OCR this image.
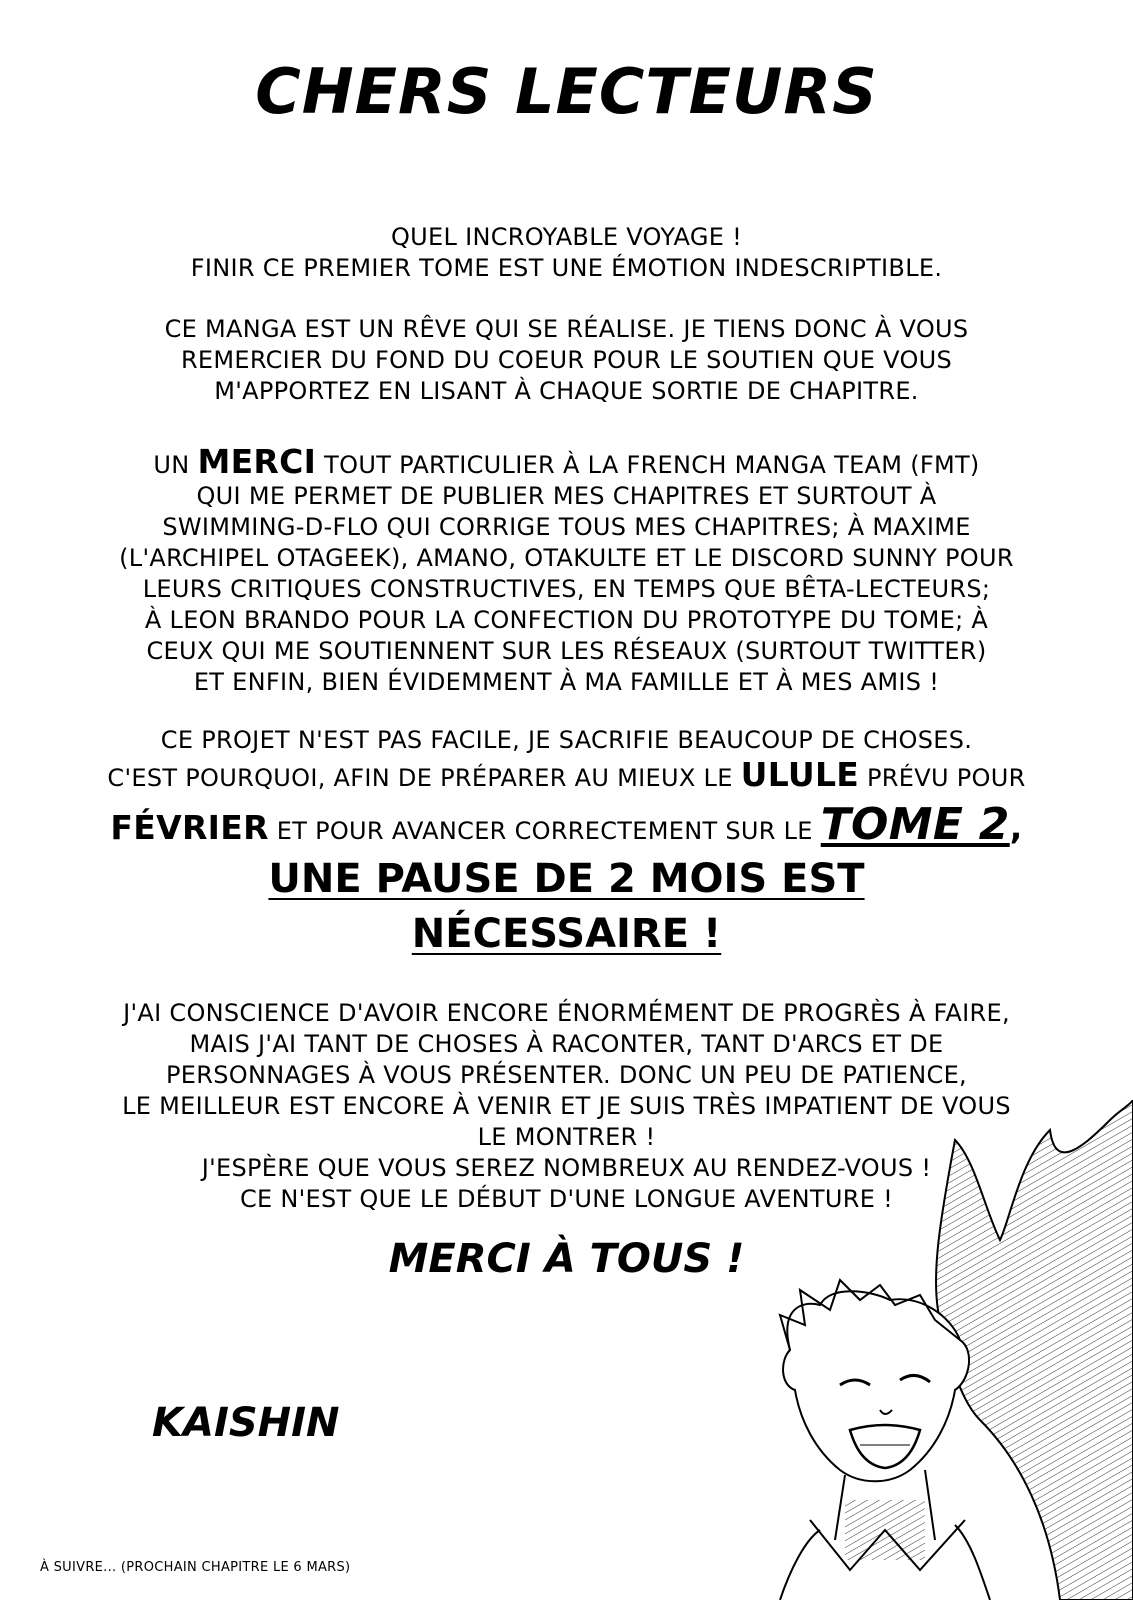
CHERS LECTEURS
QUEL INCROYABLE VOYAGE !
FINIR CE PREMIER TOME EST UNE ÉMOTION INDESCRIPTIBLE.
CE MANGA EST UN RÊVE QUI SE RÉALISE. JE TIENS DONC À VOUS
REMERCIER DU FOND DU COEUR POUR LE SOUTIEN QUE VOUS
M'APPORTEZ EN LISANT À CHAQUE SORTIE DE CHAPITRE.
UN MERCI TOUT PARTICULIER À LA FRENCH MANGA TEAM (FMT)
QUI ME PERMET DE PUBLIER MES CHAPITRES ET SURTOUT À
SWIMMING-D-FLO QUI CORRIGE TOUS MES CHAPITRES; À MAXIME
(L'ARCHIPEL OTAGEEK), AMANO, OTAKULTE ET LE DISCORD SUNNY POUR
LEURS CRITIQUES CONSTRUCTIVES, EN TEMPS QUE BÊTA-LECTEURS;
À LEON BRANDO POUR LA CONFECTION DU PROTOTYPE DU TOME; À
CEUX QUI ME SOUTIENNENT SUR LES RÉSEAUX (SURTOUT TWITTER)
ET ENFIN, BIEN ÉVIDEMMENT À MA FAMILLE ET À MES AMIS !
CE PROJET N'EST PAS FACILE, JE SACRIFIE BEAUCOUP DE CHOSES.
C'EST POURQUOI, AFIN DE PRÉPARER AU MIEUX LE ULULE PRÉVU POUR
FÉVRIER ET POUR AVANCER CORRECTEMENT SUR LE TOME 2,
UNE PAUSE DE 2 MOIS EST
NÉCESSAIRE !
J'AI CONSCIENCE D'AVOIR ENCORE ÉNORMÉMENT DE PROGRÈS À FAIRE,
MAIS J'AI TANT DE CHOSES À RACONTER, TANT D'ARCS ET DE
PERSONNAGES À VOUS PRÉSENTER. DONC UN PEU DE PATIENCE,
LE MEILLEUR EST ENCORE À VENIR ET JE SUIS TRÈS IMPATIENT DE VOUS
LE MONTRER !
J'ESPÈRE QUE VOUS SEREZ NOMBREUX AU RENDEZ-VOUS !
CE N'EST QUE LE DÉBUT D'UNE LONGUE AVENTURE !
MERCI À TOUS !
KAISHIN
À SUIVRE... (PROCHAIN CHAPITRE LE 6 MARS)
